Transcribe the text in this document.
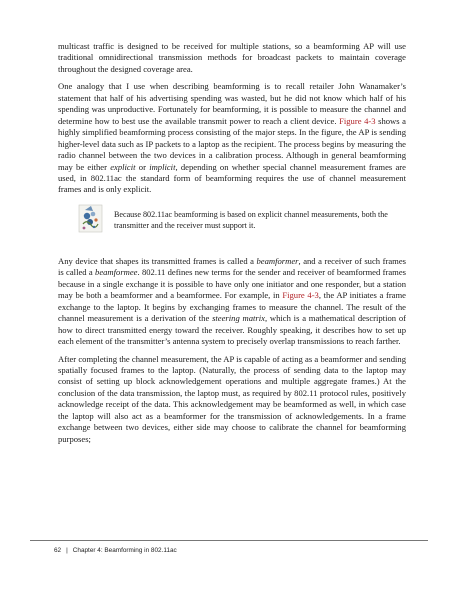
multicast traffic is designed to be received for multiple stations, so a beamforming AP will use traditional omnidirectional transmission methods for broadcast packets to maintain coverage throughout the designed coverage area.

One analogy that I use when describing beamforming is to recall retailer John Wanamaker’s statement that half of his advertising spending was wasted, but he did not know which half of his spending was unproductive. Fortunately for beamforming, it is possible to measure the channel and determine how to best use the available transmit power to reach a client device. Figure 4-3 shows a highly simplified beamforming process consisting of the major steps. In the figure, the AP is sending higher-level data such as IP packets to a laptop as the recipient. The process begins by measuring the radio channel between the two devices in a calibration process. Although in general beamforming may be either explicit or implicit, depending on whether special channel measurement frames are used, in 802.11ac the standard form of beamforming requires the use of channel measurement frames and is only explicit.

Because 802.11ac beamforming is based on explicit channel measurements, both the transmitter and the receiver must support it.

Any device that shapes its transmitted frames is called a beamformer, and a receiver of such frames is called a beamformee. 802.11 defines new terms for the sender and receiver of beamformed frames because in a single exchange it is possible to have only one initiator and one responder, but a station may be both a beamformer and a beamformee. For example, in Figure 4-3, the AP initiates a frame exchange to the laptop. It begins by exchanging frames to measure the channel. The result of the channel measurement is a derivation of the steering matrix, which is a mathematical description of how to direct transmitted energy toward the receiver. Roughly speaking, it describes how to set up each element of the transmitter’s antenna system to precisely overlap transmissions to reach farther.

After completing the channel measurement, the AP is capable of acting as a beamformer and sending spatially focused frames to the laptop. (Naturally, the process of sending data to the laptop may consist of setting up block acknowledgement operations and multiple aggregate frames.) At the conclusion of the data transmission, the laptop must, as required by 802.11 protocol rules, positively acknowledge receipt of the data. This acknowledgement may be beamformed as well, in which case the laptop will also act as a beamformer for the transmission of acknowledgements. In a frame exchange between two devices, either side may choose to calibrate the channel for beamforming purposes;

62 | Chapter 4: Beamforming in 802.11ac
